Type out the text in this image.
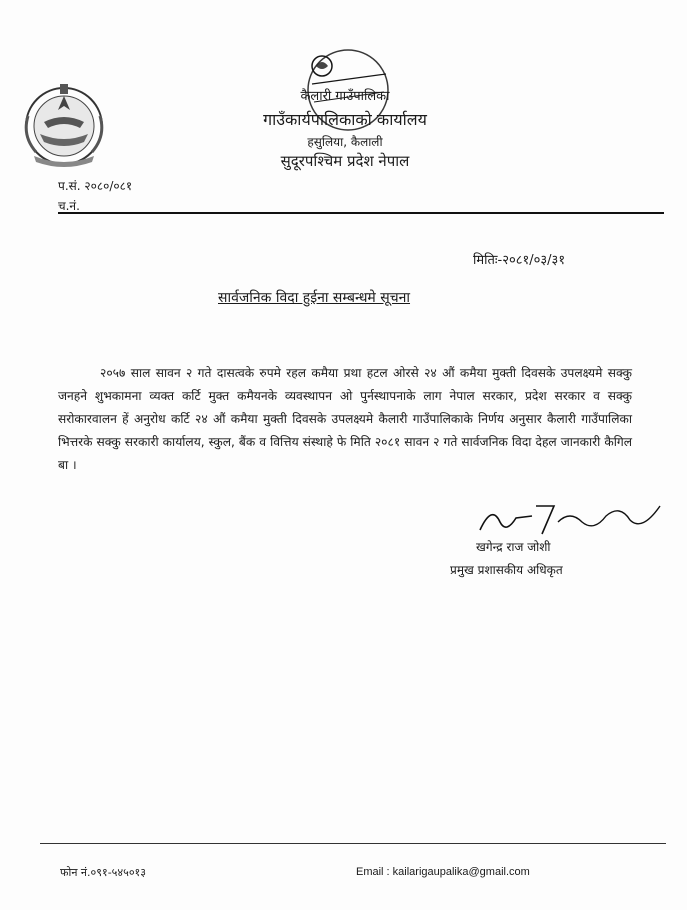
कैलारी गाउँपालिका
गाउँकार्यपालिकाको कार्यालय
हसुलिया, कैलाली
सुदूरपश्चिम प्रदेश नेपाल
प.सं. २०८०/०८१
च.नं.
मितिः-२०८१/०३/३१
सार्वजनिक विदा हुईना सम्बन्धमे सूचना
२०५७ साल सावन २ गते दासत्वके रुपमे रहल कमैया प्रथा हटल ओरसे २४ औं कमैया मुक्ती दिवसके उपलक्ष्यमे सक्कु जनहने शुभकामना व्यक्त कर्टि मुक्त कमैयनके व्यवस्थापन ओ पुर्नस्थापनाके लाग नेपाल सरकार, प्रदेश सरकार व सक्कु सरोकारवालन हें अनुरोध कर्टि २४ औं कमैया मुक्ती दिवसके उपलक्ष्यमे कैलारी गाउँपालिकाके निर्णय अनुसार कैलारी गाउँपालिका भित्तरके सक्कु सरकारी कार्यालय, स्कुल, बैंक व वित्तिय संस्थाहे फे मिति २०८१ सावन २ गते सार्वजनिक विदा देहल जानकारी कैगिल बा ।
खगेन्द्र राज जोशी
प्रमुख प्रशासकीय अधिकृत
फोन नं.०९१-५४५०१३	Email : kailarigaupalika@gmail.com
